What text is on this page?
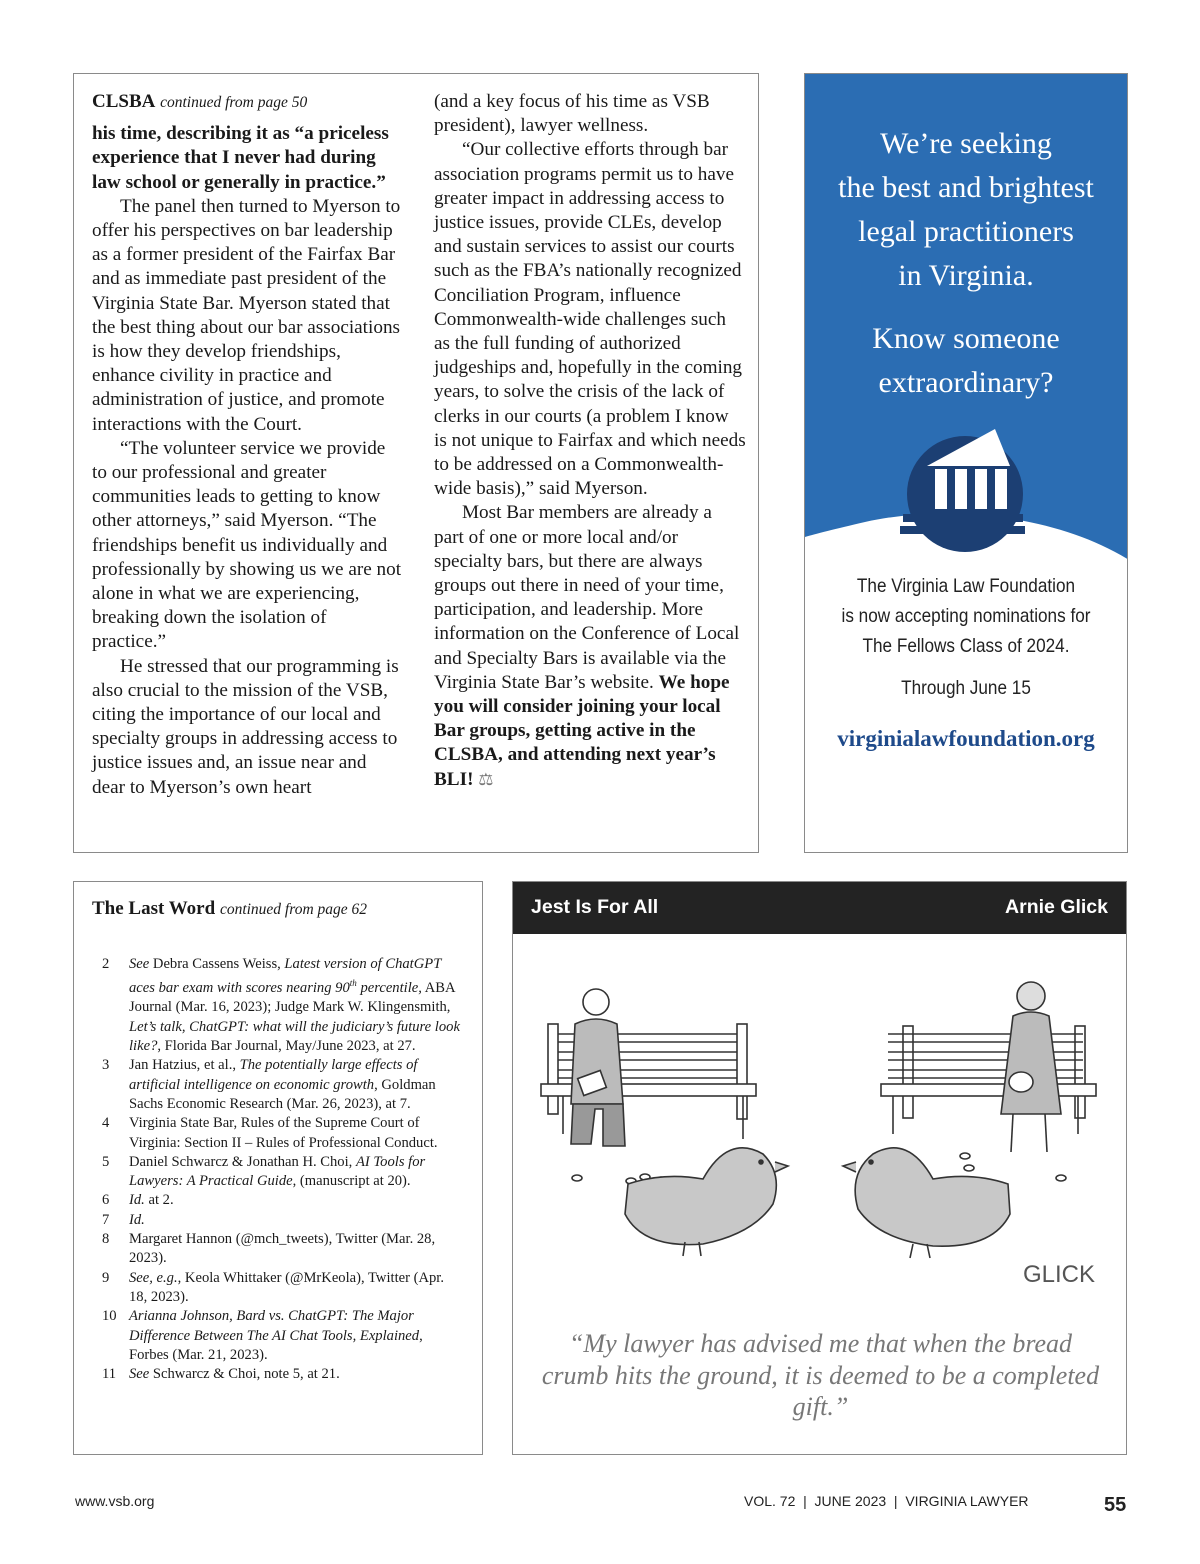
CLSBA continued from page 50

his time, describing it as “a priceless experience that I never had during law school or generally in practice.”

The panel then turned to Myerson to offer his perspectives on bar leadership as a former president of the Fairfax Bar and as immediate past president of the Virginia State Bar. Myerson stated that the best thing about our bar associations is how they develop friendships, enhance civility in practice and administration of justice, and promote interactions with the Court.

“The volunteer service we provide to our professional and greater communities leads to getting to know other attorneys,” said Myerson. “The friendships benefit us individually and professionally by showing us we are not alone in what we are experiencing, breaking down the isolation of practice.”

He stressed that our programming is also crucial to the mission of the VSB, citing the importance of our local and specialty groups in addressing access to justice issues and, an issue near and dear to Myerson’s own heart

(and a key focus of his time as VSB president), lawyer wellness.

“Our collective efforts through bar association programs permit us to have greater impact in addressing access to justice issues, provide CLEs, develop and sustain services to assist our courts such as the FBA’s nationally recognized Conciliation Program, influence Commonwealth-wide challenges such as the full funding of authorized judgeships and, hopefully in the coming years, to solve the crisis of the lack of clerks in our courts (a problem I know is not unique to Fairfax and which needs to be addressed on a Commonwealth-wide basis),” said Myerson.

Most Bar members are already a part of one or more local and/or specialty bars, but there are always groups out there in need of your time, participation, and leadership. More information on the Conference of Local and Specialty Bars is available via the Virginia State Bar’s website. We hope you will consider joining your local Bar groups, getting active in the CLSBA, and attending next year’s BLI! ⚖

We’re seeking
the best and brightest
legal practitioners
in Virginia.
Know someone
extraordinary?
The Virginia Law Foundation
is now accepting nominations for
The Fellows Class of 2024.
Through June 15
virginialawfoundation.org
The Last Word continued from page 62
2	See Debra Cassens Weiss, Latest version of ChatGPT aces bar exam with scores nearing 90th percentile, ABA Journal (Mar. 16, 2023); Judge Mark W. Klingensmith, Let’s talk, ChatGPT: what will the judiciary’s future look like?, Florida Bar Journal, May/June 2023, at 27.
3	Jan Hatzius, et al., The potentially large effects of artificial intelligence on economic growth, Goldman Sachs Economic Research (Mar. 26, 2023), at 7.
4	Virginia State Bar, Rules of the Supreme Court of Virginia: Section II – Rules of Professional Conduct.
5	Daniel Schwarcz & Jonathan H. Choi, AI Tools for Lawyers: A Practical Guide, (manuscript at 20).
6	Id. at 2.
7	Id.
8	Margaret Hannon (@mch_tweets), Twitter (Mar. 28, 2023).
9	See, e.g., Keola Whittaker (@MrKeola), Twitter (Apr. 18, 2023).
10 Arianna Johnson, Bard vs. ChatGPT: The Major Difference Between The AI Chat Tools, Explained, Forbes (Mar. 21, 2023).
11 See Schwarcz & Choi, note 5, at 21.
Jest Is For All	Arnie Glick
GLICK
“My lawyer has advised me that when the bread crumb hits the ground, it is deemed to be a completed gift.”
www.vsb.org	VOL. 72  |  JUNE 2023  |  VIRGINIA LAWYER	55
